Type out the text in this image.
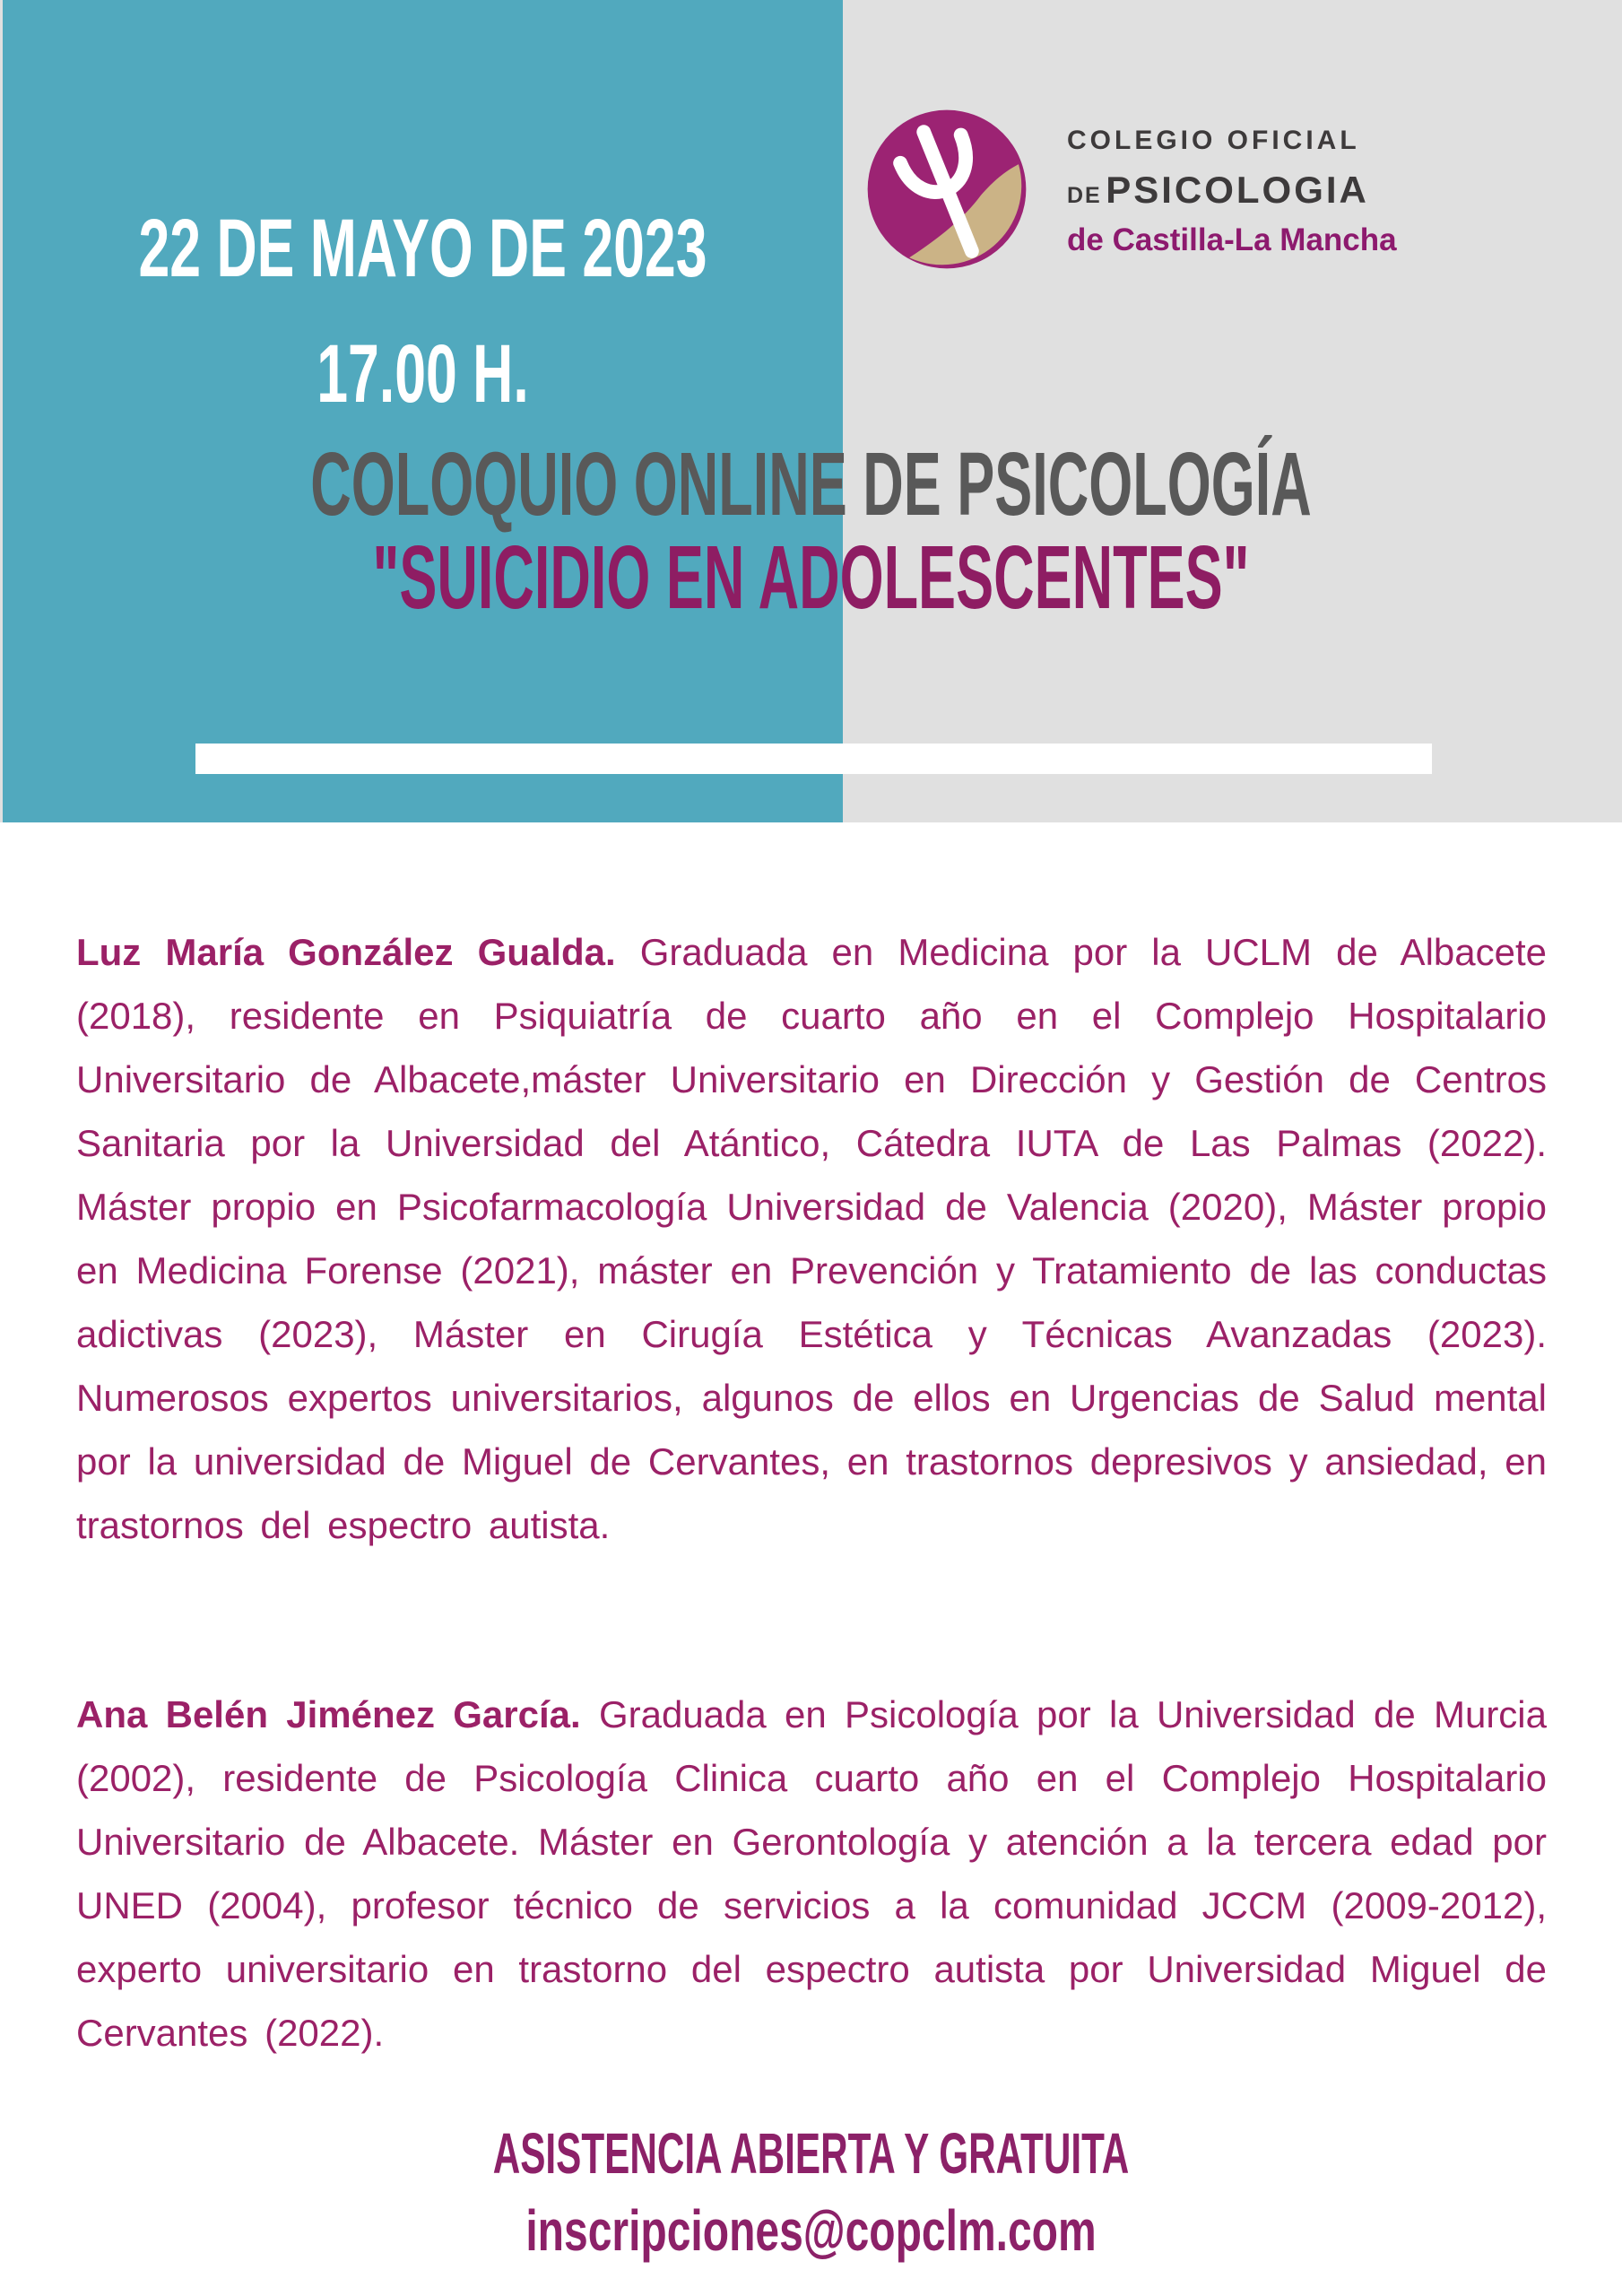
22 DE MAYO DE 2023
17.00 H.
COLEGIO OFICIAL
DE PSICOLOGIA
de Castilla-La Mancha
COLOQUIO ONLINE DE PSICOLOGÍA
"SUICIDIO EN ADOLESCENTES"

Luz María González Gualda. Graduada en Medicina por la UCLM de Albacete (2018), residente en Psiquiatría de cuarto año en el Complejo Hospitalario Universitario de Albacete,máster Universitario en Dirección y Gestión de Centros Sanitaria por la Universidad del Atántico, Cátedra IUTA de Las Palmas (2022). Máster propio en Psicofarmacología Universidad de Valencia (2020), Máster propio en Medicina Forense (2021), máster en Prevención y Tratamiento de las conductas adictivas (2023), Máster en Cirugía Estética y Técnicas Avanzadas (2023). Numerosos expertos universitarios, algunos de ellos en Urgencias de Salud mental por la universidad de Miguel de Cervantes, en trastornos depresivos y ansiedad, en trastornos del espectro autista.

Ana Belén Jiménez García. Graduada en Psicología por la Universidad de Murcia (2002), residente de Psicología Clinica cuarto año en el Complejo Hospitalario Universitario de Albacete. Máster en Gerontología y atención a la tercera edad por UNED (2004), profesor técnico de servicios a la comunidad JCCM (2009-2012), experto universitario en trastorno del espectro autista por Universidad Miguel de Cervantes (2022).

ASISTENCIA ABIERTA Y GRATUITA
inscripciones@copclm.com
